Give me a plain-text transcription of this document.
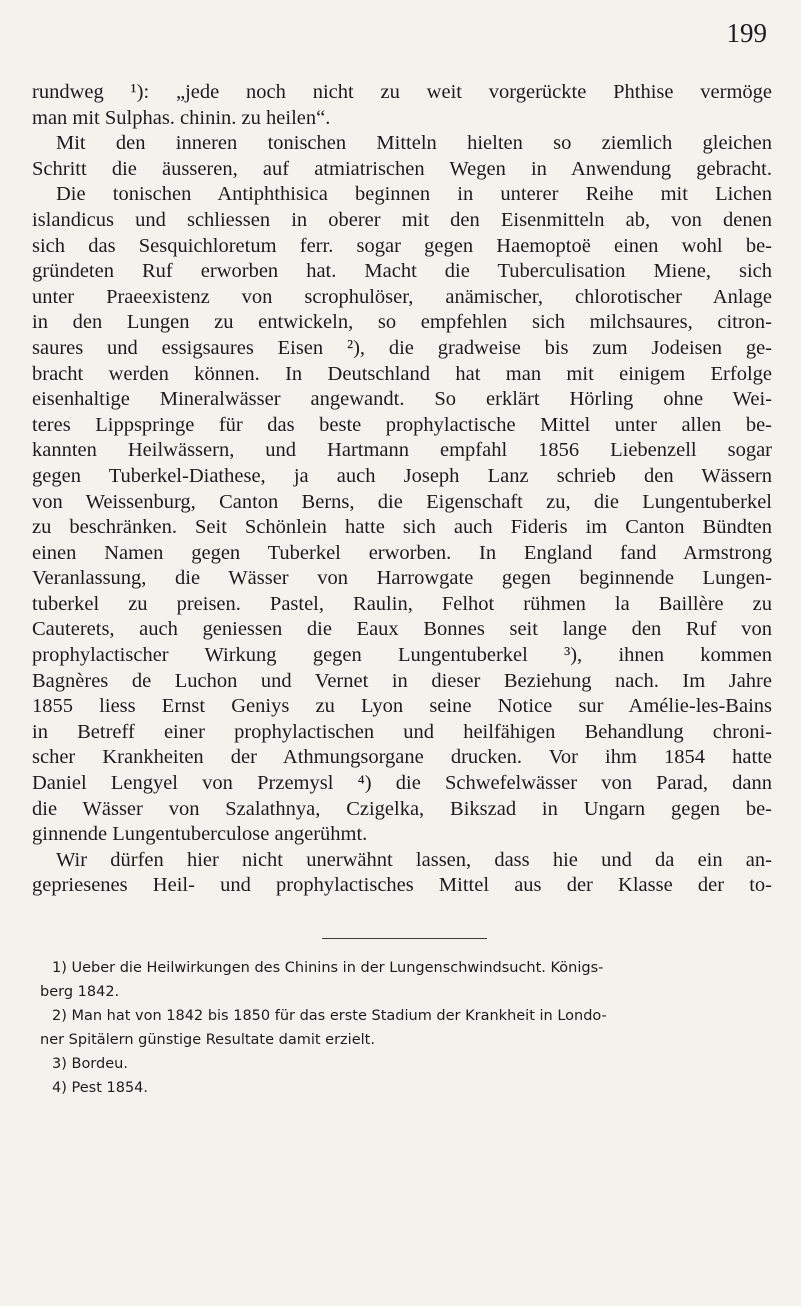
199
rundweg ¹): „jede noch nicht zu weit vorgerückte Phthise vermöge
man mit Sulphas. chinin. zu heilen“.
Mit den inneren tonischen Mitteln hielten so ziemlich gleichen
Schritt die äusseren, auf atmiatrischen Wegen in Anwendung gebracht.
Die tonischen Antiphthisica beginnen in unterer Reihe mit Lichen
islandicus und schliessen in oberer mit den Eisenmitteln ab, von denen
sich das Sesquichloretum ferr. sogar gegen Haemoptoë einen wohl be-
gründeten Ruf erworben hat. Macht die Tuberculisation Miene, sich
unter Praeexistenz von scrophulöser, anämischer, chlorotischer Anlage
in den Lungen zu entwickeln, so empfehlen sich milchsaures, citron-
saures und essigsaures Eisen ²), die gradweise bis zum Jodeisen ge-
bracht werden können. In Deutschland hat man mit einigem Erfolge
eisenhaltige Mineralwässer angewandt. So erklärt Hörling ohne Wei-
teres Lippspringe für das beste prophylactische Mittel unter allen be-
kannten Heilwässern, und Hartmann empfahl 1856 Liebenzell sogar
gegen Tuberkel-Diathese, ja auch Joseph Lanz schrieb den Wässern
von Weissenburg, Canton Berns, die Eigenschaft zu, die Lungentuberkel
zu beschränken. Seit Schönlein hatte sich auch Fideris im Canton Bündten
einen Namen gegen Tuberkel erworben. In England fand Armstrong
Veranlassung, die Wässer von Harrowgate gegen beginnende Lungen-
tuberkel zu preisen. Pastel, Raulin, Felhot rühmen la Baillère zu
Cauterets, auch geniessen die Eaux Bonnes seit lange den Ruf von
prophylactischer Wirkung gegen Lungentuberkel ³), ihnen kommen
Bagnères de Luchon und Vernet in dieser Beziehung nach. Im Jahre
1855 liess Ernst Geniys zu Lyon seine Notice sur Amélie-les-Bains
in Betreff einer prophylactischen und heilfähigen Behandlung chroni-
scher Krankheiten der Athmungsorgane drucken. Vor ihm 1854 hatte
Daniel Lengyel von Przemysl ⁴) die Schwefelwässer von Parad, dann
die Wässer von Szalathnya, Czigelka, Bikszad in Ungarn gegen be-
ginnende Lungentuberculose angerühmt.
Wir dürfen hier nicht unerwähnt lassen, dass hie und da ein an-
gepriesenes Heil- und prophylactisches Mittel aus der Klasse der to-
1) Ueber die Heilwirkungen des Chinins in der Lungenschwindsucht. Königs-
berg 1842.
2) Man hat von 1842 bis 1850 für das erste Stadium der Krankheit in Londo-
ner Spitälern günstige Resultate damit erzielt.
3) Bordeu.
4) Pest 1854.
